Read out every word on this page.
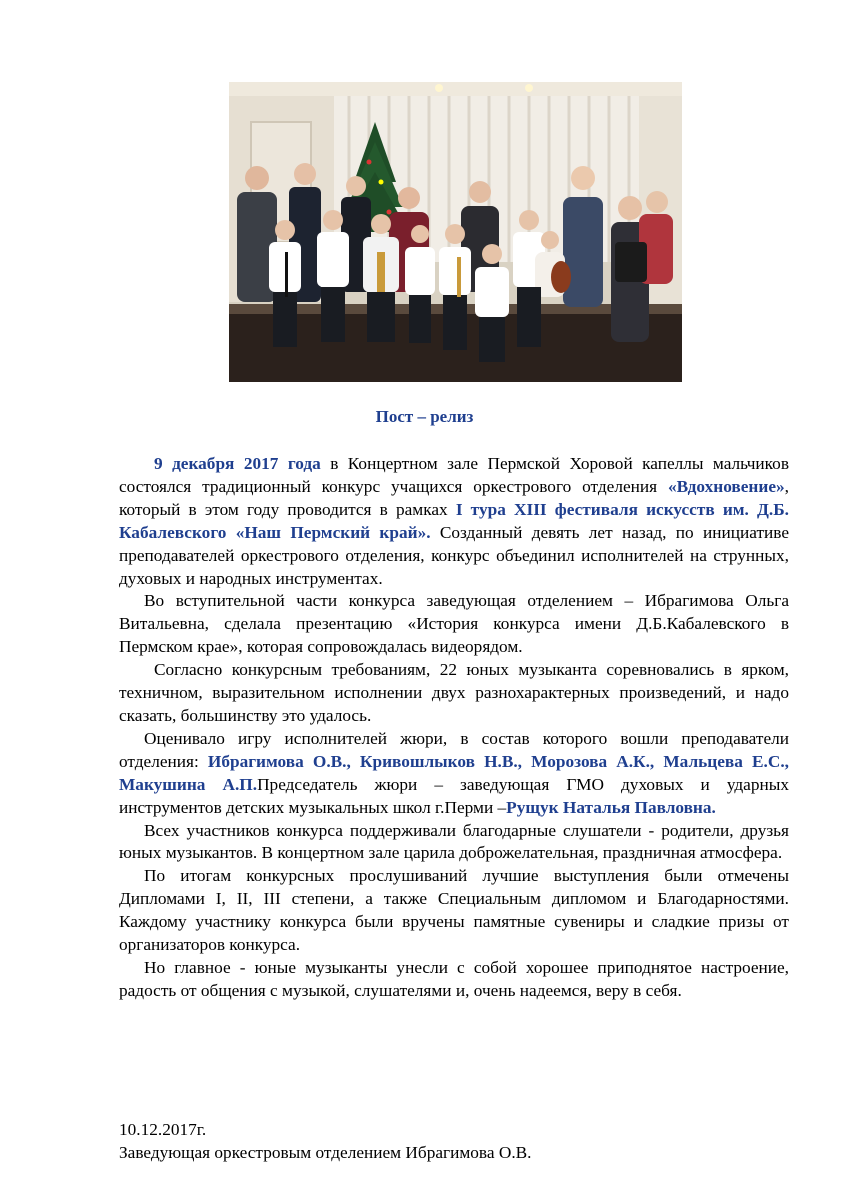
Пост – релиз

9 декабря 2017 года в Концертном зале Пермской Хоровой капеллы мальчиков состоялся традиционный конкурс учащихся оркестрового отделения «Вдохновение», который в этом году проводится в рамках I тура XIII фестиваля искусств им. Д.Б. Кабалевского «Наш Пермский край». Созданный девять лет назад, по инициативе преподавателей оркестрового отделения, конкурс объединил исполнителей на струнных, духовых и народных инструментах.

Во вступительной части конкурса заведующая отделением – Ибрагимова Ольга Витальевна, сделала презентацию «История конкурса имени Д.Б.Кабалевского в Пермском крае», которая сопровождалась видеорядом.

Согласно конкурсным требованиям, 22 юных музыканта соревновались в ярком, техничном, выразительном исполнении двух разнохарактерных произведений, и надо сказать, большинству это удалось.

Оценивало игру исполнителей жюри, в состав которого вошли преподаватели отделения: Ибрагимова О.В., Кривошлыков Н.В., Морозова А.К., Мальцева Е.С., Макушина А.П.Председатель жюри – заведующая ГМО духовых и ударных инструментов детских музыкальных школ г.Перми –Рущук Наталья Павловна.

Всех участников конкурса поддерживали благодарные слушатели - родители, друзья юных музыкантов. В концертном зале царила доброжелательная, праздничная атмосфера.

По итогам конкурсных прослушиваний лучшие выступления были отмечены Дипломами I, II, III степени, а также Специальным дипломом и Благодарностями. Каждому участнику конкурса были вручены памятные сувениры и сладкие призы от организаторов конкурса.

Но главное - юные музыканты унесли с собой хорошее приподнятое настроение, радость от общения с музыкой, слушателями и, очень надеемся, веру в себя.

10.12.2017г.
Заведующая оркестровым отделением Ибрагимова О.В.
